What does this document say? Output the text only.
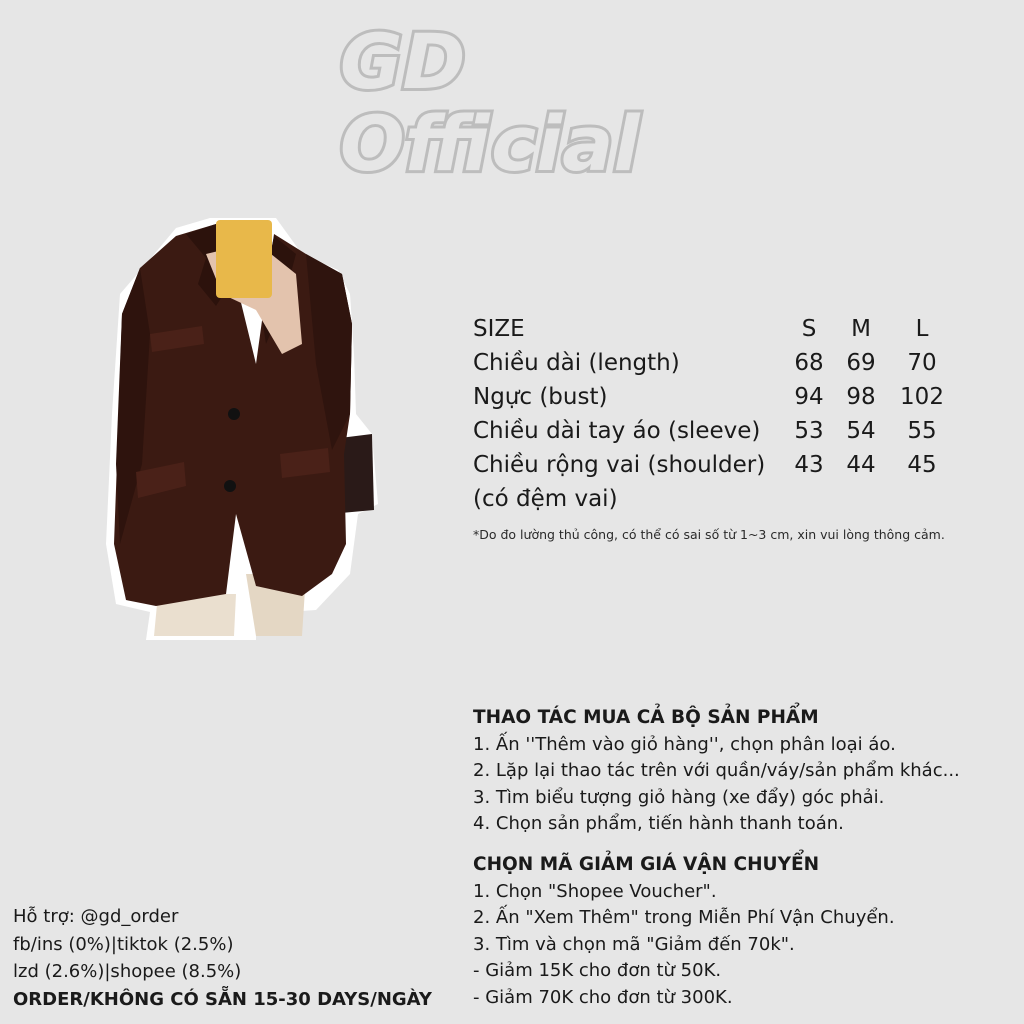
GD
Official
SIZE	S	M	L
Chiều dài (length)	68 69	70
Ngực (bust)	94 98	102
Chiều dài tay áo (sleeve)	53 54	55
Chiều rộng vai (shoulder)	43 44	45
(có đệm vai)
*Do đo lường thủ công, có thể có sai số từ 1~3 cm, xin vui lòng thông cảm.
THAO TÁC MUA CẢ BỘ SẢN PHẨM
1. Ấn ''Thêm vào giỏ hàng'', chọn phân loại áo.
2. Lặp lại thao tác trên với quần/váy/sản phẩm khác...
3. Tìm biểu tượng giỏ hàng (xe đẩy) góc phải.
4. Chọn sản phẩm, tiến hành thanh toán.
CHỌN MÃ GIẢM GIÁ VẬN CHUYỂN
1. Chọn "Shopee Voucher".
2. Ấn "Xem Thêm" trong Miễn Phí Vận Chuyển.
3. Tìm và chọn mã "Giảm đến 70k".
- Giảm 15K cho đơn từ 50K.
- Giảm 70K cho đơn từ 300K.
Hỗ trợ: @gd_order
fb/ins (0%)|tiktok (2.5%)
lzd (2.6%)|shopee (8.5%)
ORDER/KHÔNG CÓ SẴN 15-30 DAYS/NGÀY
